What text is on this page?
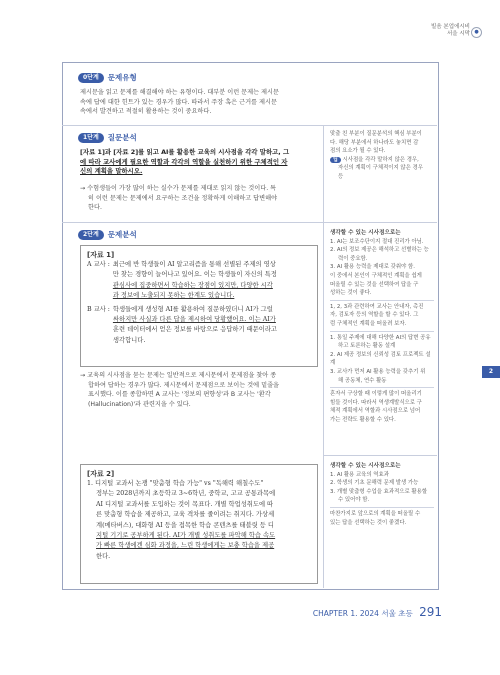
빌음 본업에시비
서을 시막 ●
0단계	문제유형
제시문을 읽고 문제를 해결해야 하는 유형이다. 대부분 이런 문제는 제시문
속에 답에 대한 힌트가 있는 경우가 많다. 따라서 주장 혹은 근거를 제시문
속에서 발견하고 적절히 활용하는 것이 중요하다.
1단계	질문분석
[자료 1]과 [자료 2]를 읽고 AI를 활용한 교육의 시사점을 각각 말하고, 그
에 따라 교사에게 필요한 역할과 각각의 역할을 실천하기 위한 구체적인 자
신의 계획을 말하시오.
→ 수험생들이 가장 많이 하는 실수가 문제를 제대로 읽지 않는 것이다. 특
히 이런 문제는 문제에서 요구하는 조건을 정확하게 이해하고 답변해야
한다.
맞출 친 부분이 질문분석의 핵심 부분이
다. 해당 부분에서 하나라도 놓치면 감
점의 요소가 될 수 있다.
딥 시사점을 각각 말하지 않은 경우,
자신의 계획이 구체적이지 않은 경우
등
2단계	문제분석
[자료 1]
A 교사 : 최근에 반 학생들이 AI 알고리즘을 통해 선별된 주제의 영상
만 찾는 경향이 늘어나고 있어요. 이는 학생들이 자신의 특정
관심사에 집중하면서 학습하는 장점이 있지만, 다양한 시각
과 정보에 노출되지 못하는 한계도 있습니다.
B 교사 : 학생들에게 생성형 AI를 활용하여 질문하였더니 AI가 그럴
싸하지만 사실과 다른 답을 제시하여 당황했어요. 이는 AI가
훈련 데이터에서 얻은 정보를 바탕으로 응답하기 때문이라고
생각합니다.
→ 교육의 시사점을 묻는 문제는 일반적으로 제시문에서 문제점을 찾아 종
합하여 답하는 경우가 많다. 제시문에서 문제점으로 보이는 것에 밑줄을
표시했다. 이를 종합하면 A 교사는 '정보의 편향성'과 B 교사는 '환각
(Hallucination)'과 관련지을 수 있다.
생각할 수 있는 시사점으로는
1. AI는 보조수단이지 절대 진리가 아님.
2. AI의 정보 제공은 해석하고 선별하는 능
력이 중요함.
3. AI 활용 능력을 제대로 갖춰야 함.
이 중에서 본인이 구체적인 계획을 쉽게
떠올릴 수 있는 것을 선택하여 답을 구
성하는 것이 좋다.
1, 2, 3과 관련하여 교사는 안내자, 촉진
자, 검토자 등의 역할을 할 수 있다. 그
럼 구체적인 계획을 떠올려 보자.
1. 통일 주제에 대해 다양한 AI의 답변 공유
하고 토론하는 활동 설계
2. AI 제공 정보의 신뢰성 검토 프로젝트 설계
3. 교사가 먼저 AI 활용 능력을 갖추기 위
해 공동체, 연수 활동
혼자서 구상할 때 이렇게 많이 떠올리기
힘들 것이다. 따라서 역생계발식으로 구
체적 계획에서 역할과 시사점으로 넘어
가는 전략도 활용할 수 있다.
[자료 2]
1. 디지털 교과서 논쟁 "맞춤형 학습 가능" vs "독해력 해칠수도"
정부는 2028년까지 초등학교 3~6학년, 중학교, 고교 공통과목에
AI 디지털 교과서를 도입하는 것이 목표다. 개별 학업성취도에 따
른 맞춤형 학습을 제공하고, 교육 격차를 줄이려는 취지다. 가상세
계(메타버스), 대화형 AI 등을 접목한 학습 콘텐츠를 태블릿 등 디
지털 기기로 공부하게 된다. AI가 개별 성취도를 파악해 학습 속도
가 빠른 학생에겐 심화 과정을, 느린 학생에게는 보충 학습을 제공
한다.
생각할 수 있는 시사점으로는
1. AI 활용 교육의 역효과
2. 학생의 기초 문해력 문제 발생 가능
3. 개별 맞춤형 수업을 효과적으로 활용할
수 있어야 함.
마찬가지로 앞으로의 계획을 떠올릴 수
있는 답을 선택하는 것이 좋겠다.
2
CHAPTER 1. 2024 서울 초등 291
